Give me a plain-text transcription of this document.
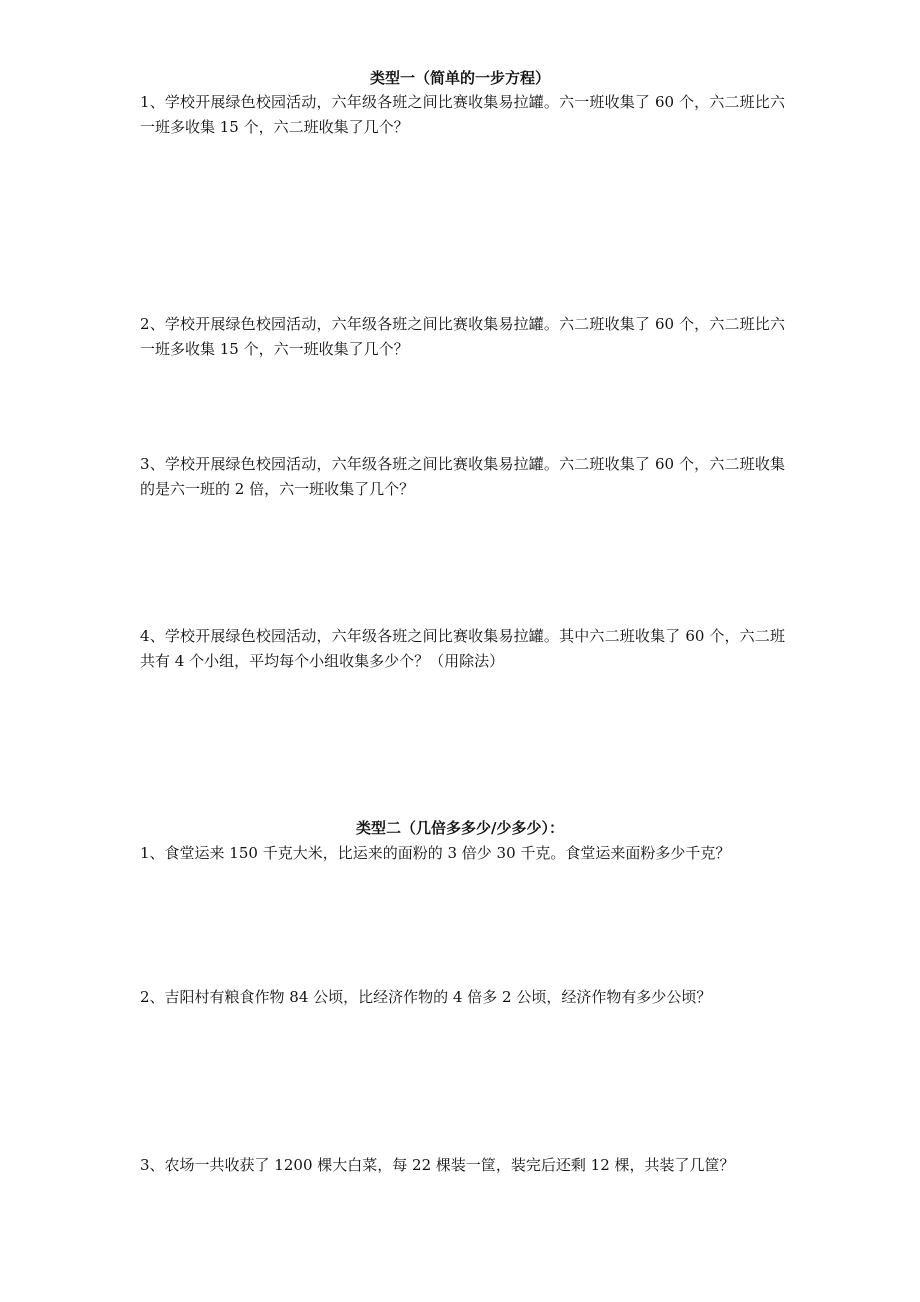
类型一（简单的一步方程）

1、学校开展绿色校园活动，六年级各班之间比赛收集易拉罐。六一班收集了 60 个，六二班比六一班多收集 15 个，六二班收集了几个？

2、学校开展绿色校园活动，六年级各班之间比赛收集易拉罐。六二班收集了 60 个，六二班比六一班多收集 15 个，六一班收集了几个？

3、学校开展绿色校园活动，六年级各班之间比赛收集易拉罐。六二班收集了 60 个，六二班收集的是六一班的 2 倍，六一班收集了几个？

4、学校开展绿色校园活动，六年级各班之间比赛收集易拉罐。其中六二班收集了 60 个，六二班共有 4 个小组，平均每个小组收集多少个？（用除法）

类型二（几倍多多少/少多少）：

1、食堂运来 150 千克大米，比运来的面粉的 3 倍少 30 千克。食堂运来面粉多少千克？

2、吉阳村有粮食作物 84 公顷，比经济作物的 4 倍多 2 公顷，经济作物有多少公顷？

3、农场一共收获了 1200 棵大白菜，每 22 棵装一筐，装完后还剩 12 棵，共装了几筐？
